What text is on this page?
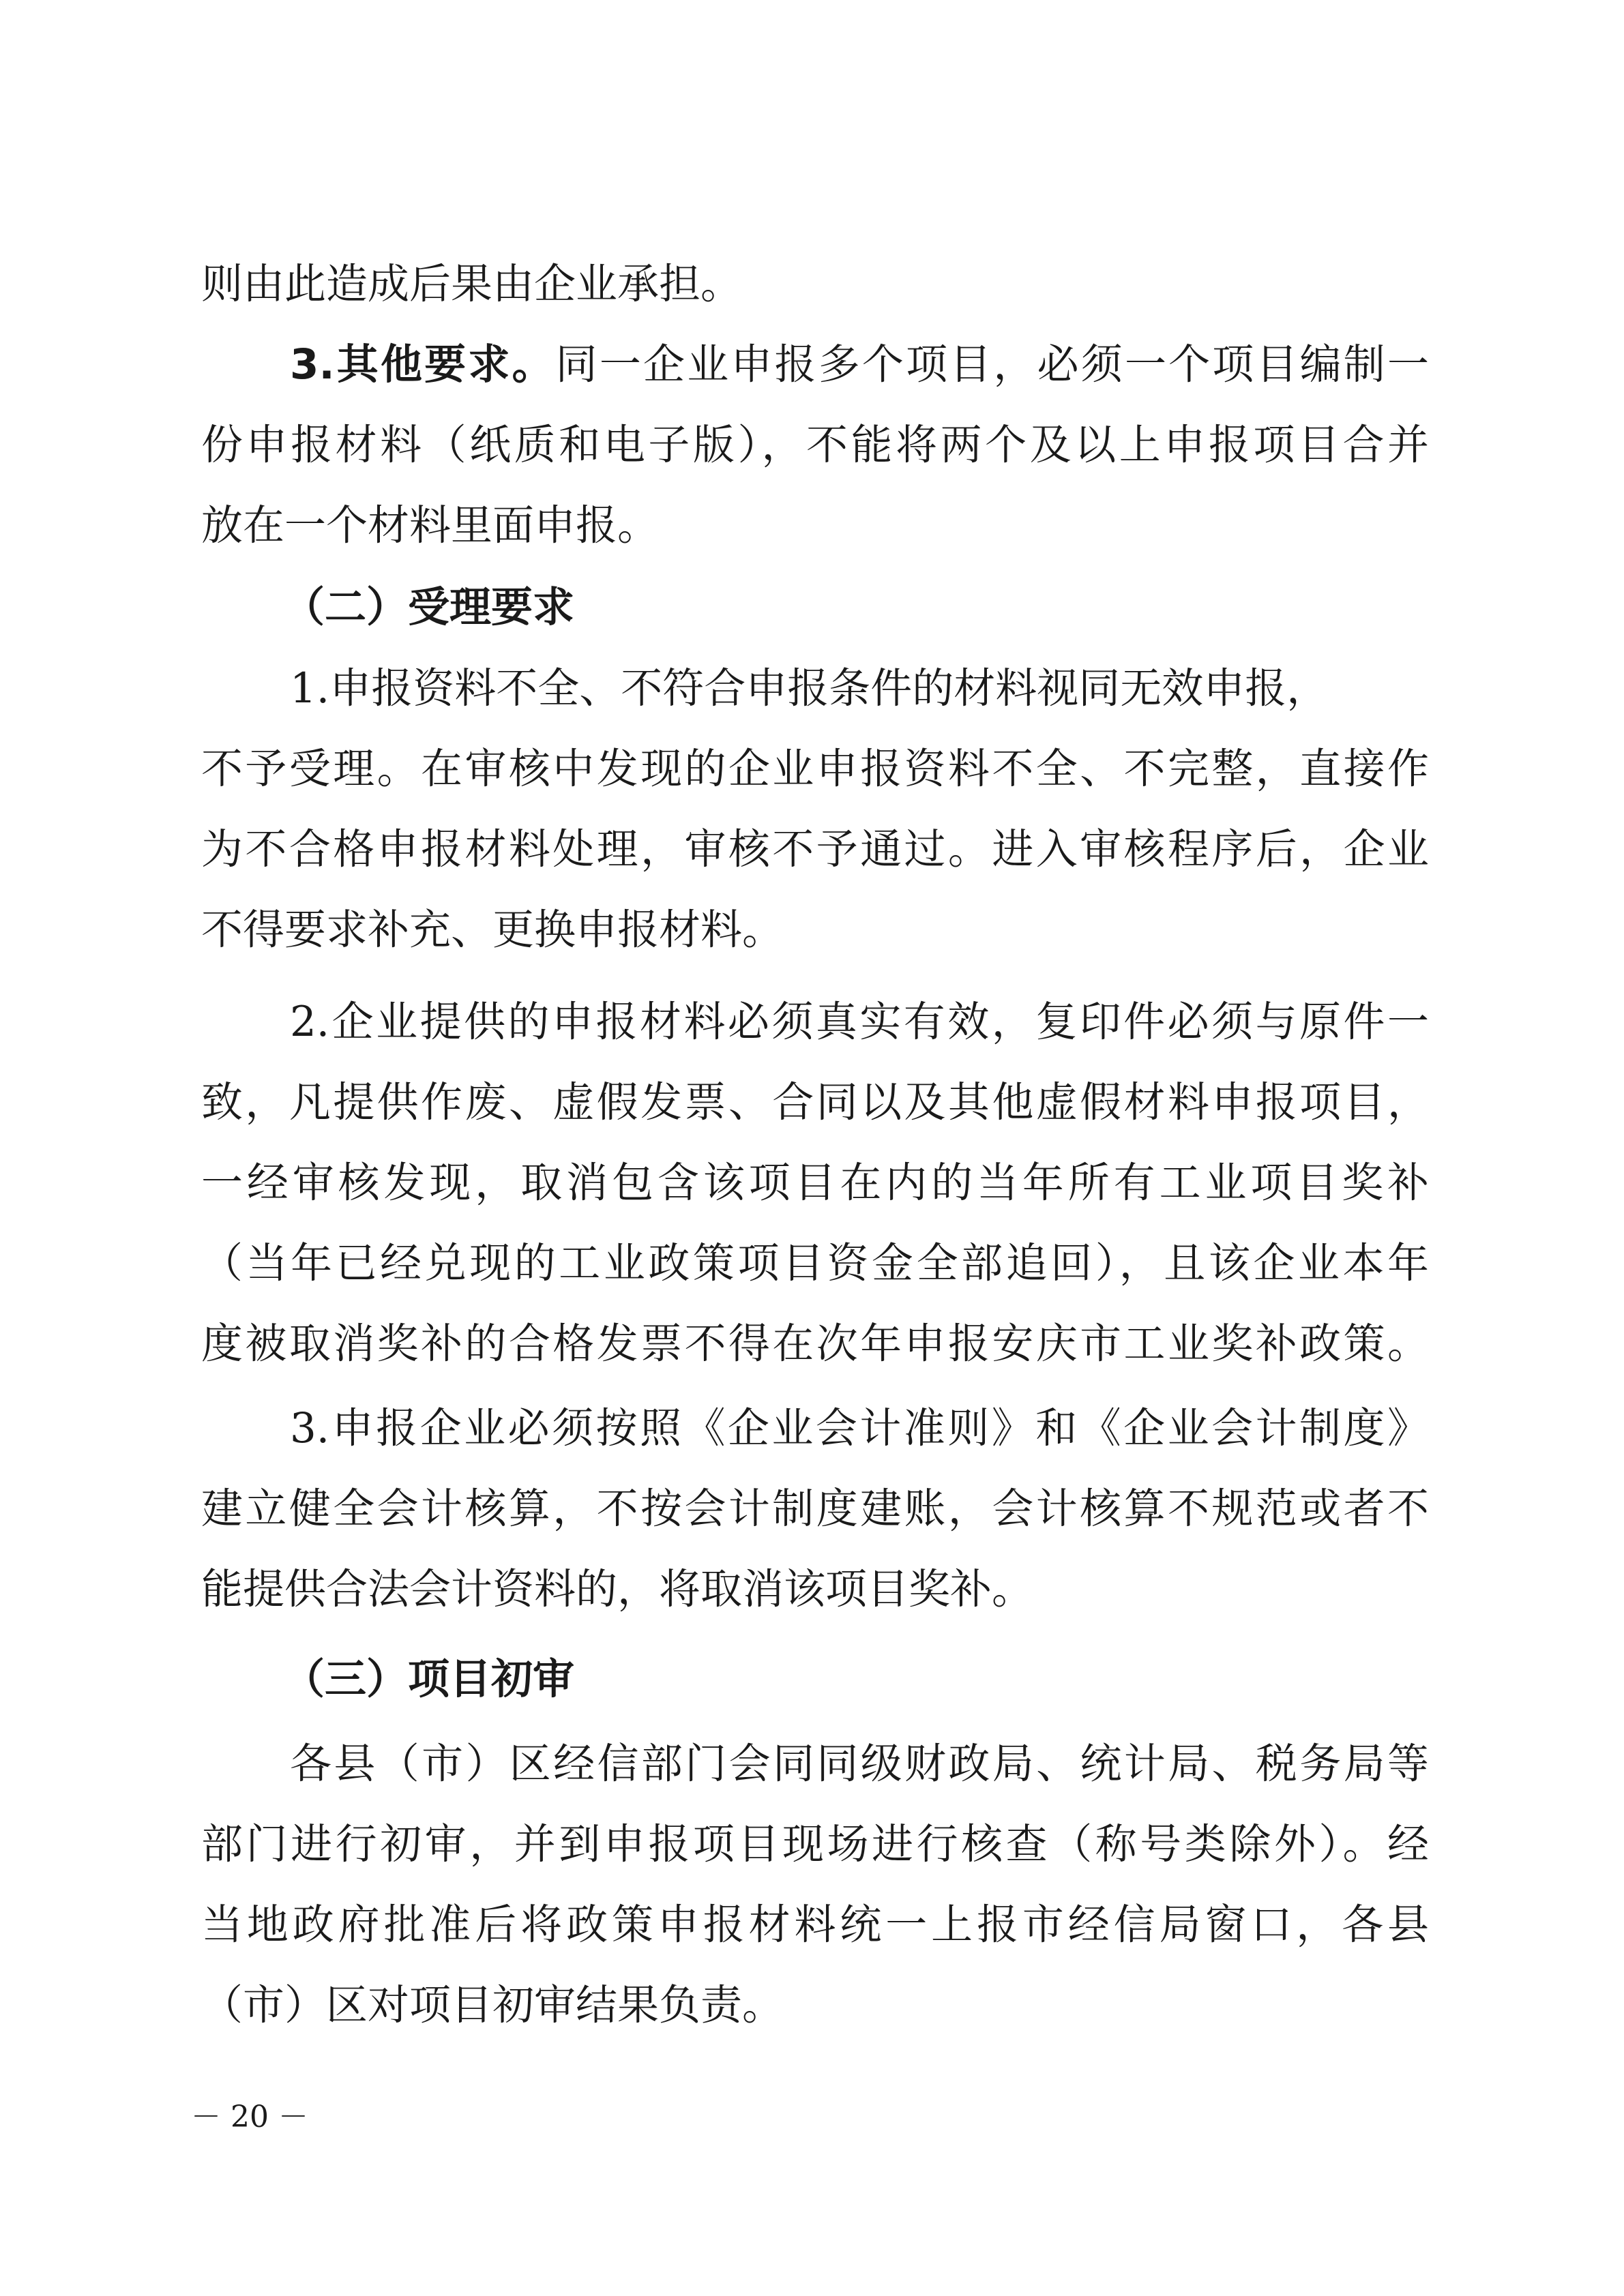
则由此造成后果由企业承担。
3.其他要求。同一企业申报多个项目，必须一个项目编制一
份申报材料（纸质和电子版），不能将两个及以上申报项目合并
放在一个材料里面申报。
（二）受理要求
1.申报资料不全、不符合申报条件的材料视同无效申报，
不予受理。在审核中发现的企业申报资料不全、不完整，直接作
为不合格申报材料处理，审核不予通过。进入审核程序后，企业
不得要求补充、更换申报材料。
2.企业提供的申报材料必须真实有效，复印件必须与原件一
致，凡提供作废、虚假发票、合同以及其他虚假材料申报项目，
一经审核发现，取消包含该项目在内的当年所有工业项目奖补
（当年已经兑现的工业政策项目资金全部追回），且该企业本年
度被取消奖补的合格发票不得在次年申报安庆市工业奖补政策。
3.申报企业必须按照《企业会计准则》和《企业会计制度》
建立健全会计核算，不按会计制度建账，会计核算不规范或者不
能提供合法会计资料的，将取消该项目奖补。
（三）项目初审
各县（市）区经信部门会同同级财政局、统计局、税务局等
部门进行初审，并到申报项目现场进行核查（称号类除外）。经
当地政府批准后将政策申报材料统一上报市经信局窗口，各县
（市）区对项目初审结果负责。
－ 20 －
